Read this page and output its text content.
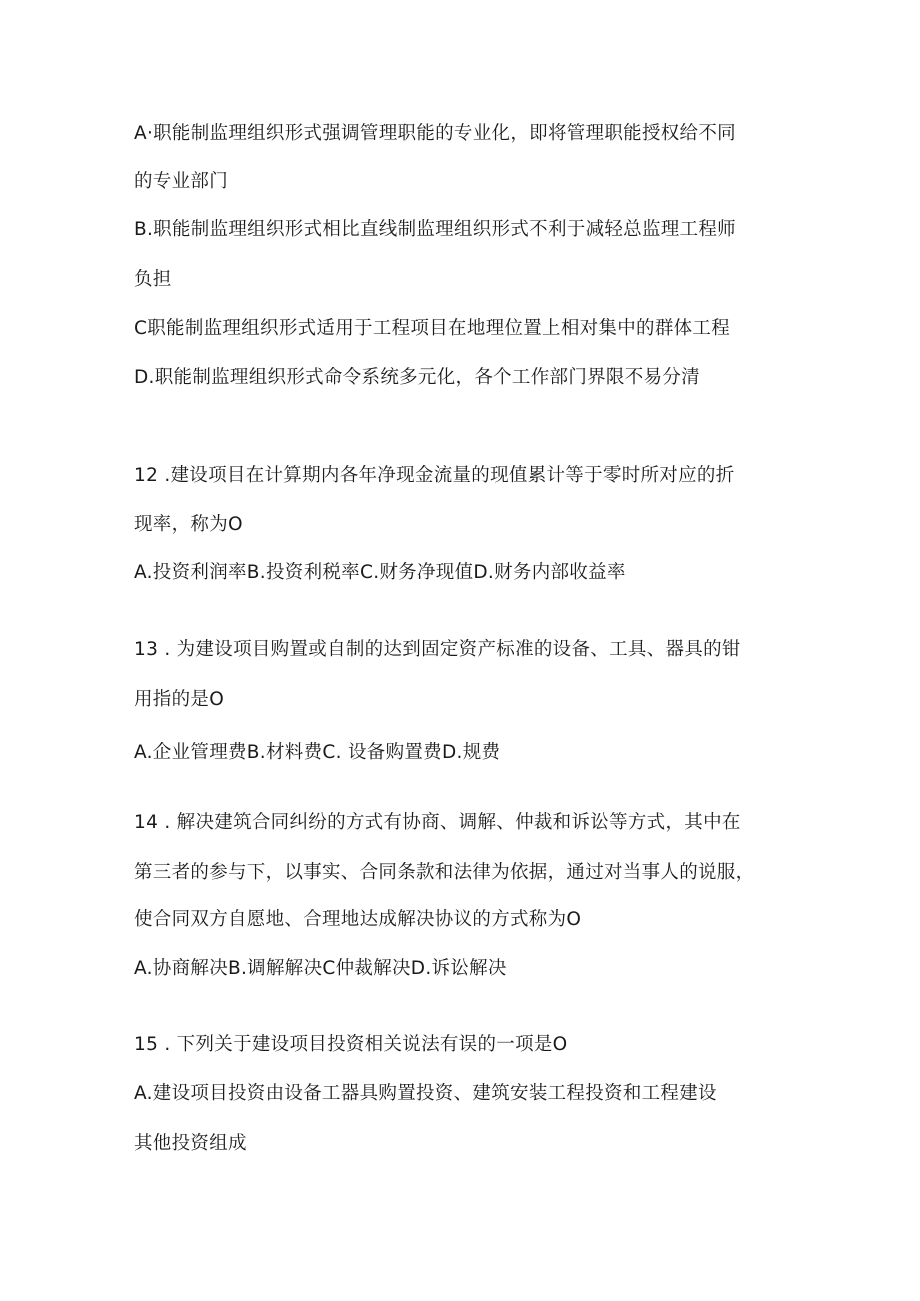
A·职能制监理组织形式强调管理职能的专业化，即将管理职能授权给不同
的专业部门
B.职能制监理组织形式相比直线制监理组织形式不利于减轻总监理工程师
负担
C职能制监理组织形式适用于工程项目在地理位置上相对集中的群体工程
D.职能制监理组织形式命令系统多元化，各个工作部门界限不易分清
12 .建设项目在计算期内各年净现金流量的现值累计等于零时所对应的折
现率，称为O
A.投资利润率B.投资利税率C.财务净现值D.财务内部收益率
13 . 为建设项目购置或自制的达到固定资产标准的设备、工具、器具的钳
用指的是O
A.企业管理费B.材料费C. 设备购置费D.规费
14 . 解决建筑合同纠纷的方式有协商、调解、仲裁和诉讼等方式，其中在
第三者的参与下，以事实、合同条款和法律为依据，通过对当事人的说服，
使合同双方自愿地、合理地达成解决协议的方式称为O
A.协商解决B.调解解决C仲裁解决D.诉讼解决
15 . 下列关于建设项目投资相关说法有误的一项是O
A.建设项目投资由设备工器具购置投资、建筑安装工程投资和工程建设
其他投资组成
